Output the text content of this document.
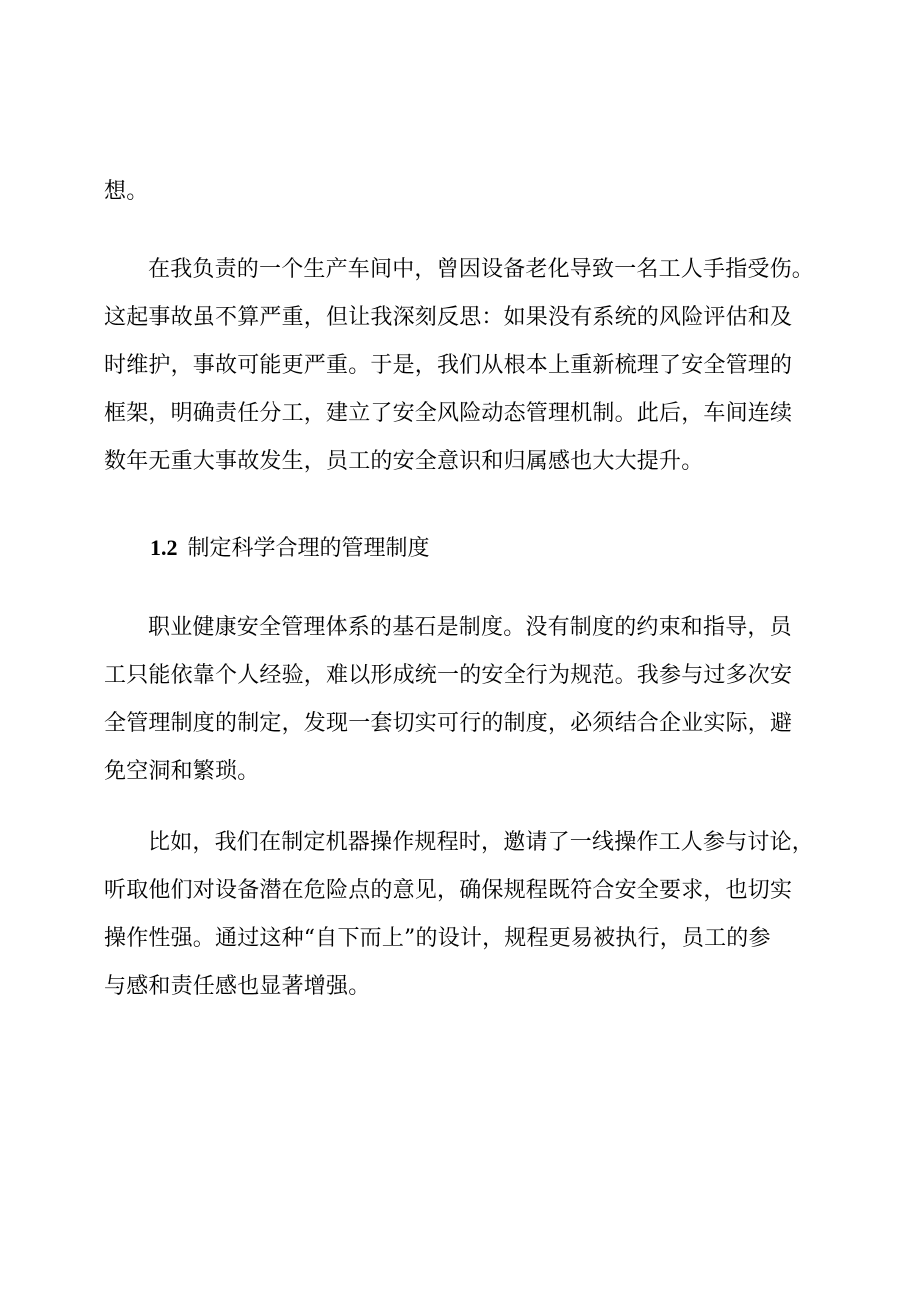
想。
在我负责的一个生产车间中，曾因设备老化导致一名工人手指受伤。
这起事故虽不算严重，但让我深刻反思：如果没有系统的风险评估和及
时维护，事故可能更严重。于是，我们从根本上重新梳理了安全管理的
框架，明确责任分工，建立了安全风险动态管理机制。此后，车间连续
数年无重大事故发生，员工的安全意识和归属感也大大提升。
1.2 制定科学合理的管理制度
职业健康安全管理体系的基石是制度。没有制度的约束和指导，员
工只能依靠个人经验，难以形成统一的安全行为规范。我参与过多次安
全管理制度的制定，发现一套切实可行的制度，必须结合企业实际，避
免空洞和繁琐。
比如，我们在制定机器操作规程时，邀请了一线操作工人参与讨论，
听取他们对设备潜在危险点的意见，确保规程既符合安全要求，也切实
操作性强。通过这种“自下而上”的设计，规程更易被执行，员工的参
与感和责任感也显著增强。
